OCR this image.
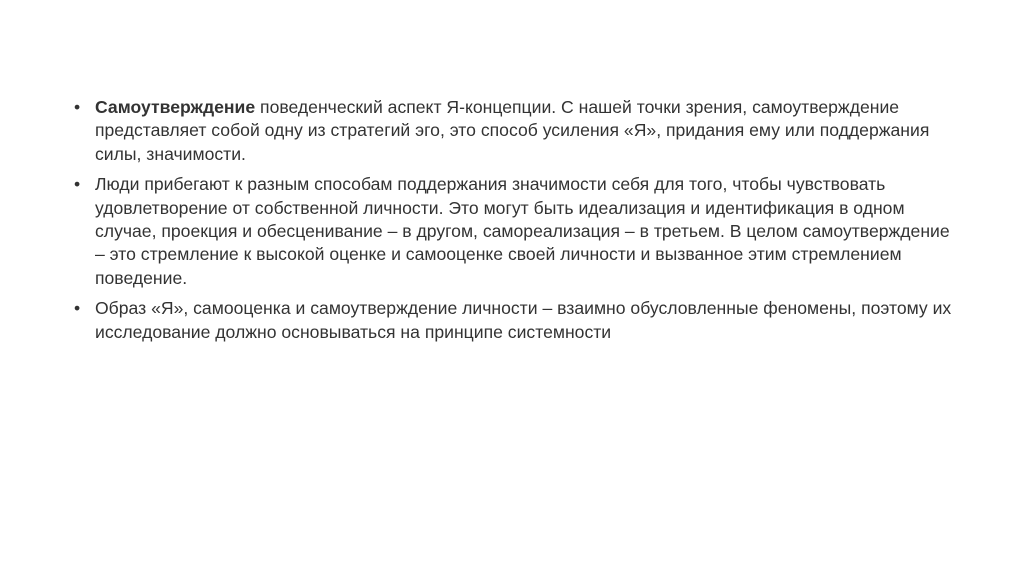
• Самоутверждение поведенческий аспект Я-концепции. С нашей точки зрения, самоутверждение представляет собой одну из стратегий эго, это способ усиления «Я», придания ему или поддержания силы, значимости.
• Люди прибегают к разным способам поддержания значимости себя для того, чтобы чувствовать удовлетворение от собственной личности. Это могут быть идеализация и идентификация в одном случае, проекция и обесценивание – в другом, самореализация – в третьем. В целом самоутверждение – это стремление к высокой оценке и самооценке своей личности и вызванное этим стремлением поведение.
• Образ «Я», самооценка и самоутверждение личности – взаимно обусловленные феномены, поэтому их исследование должно основываться на принципе системности
